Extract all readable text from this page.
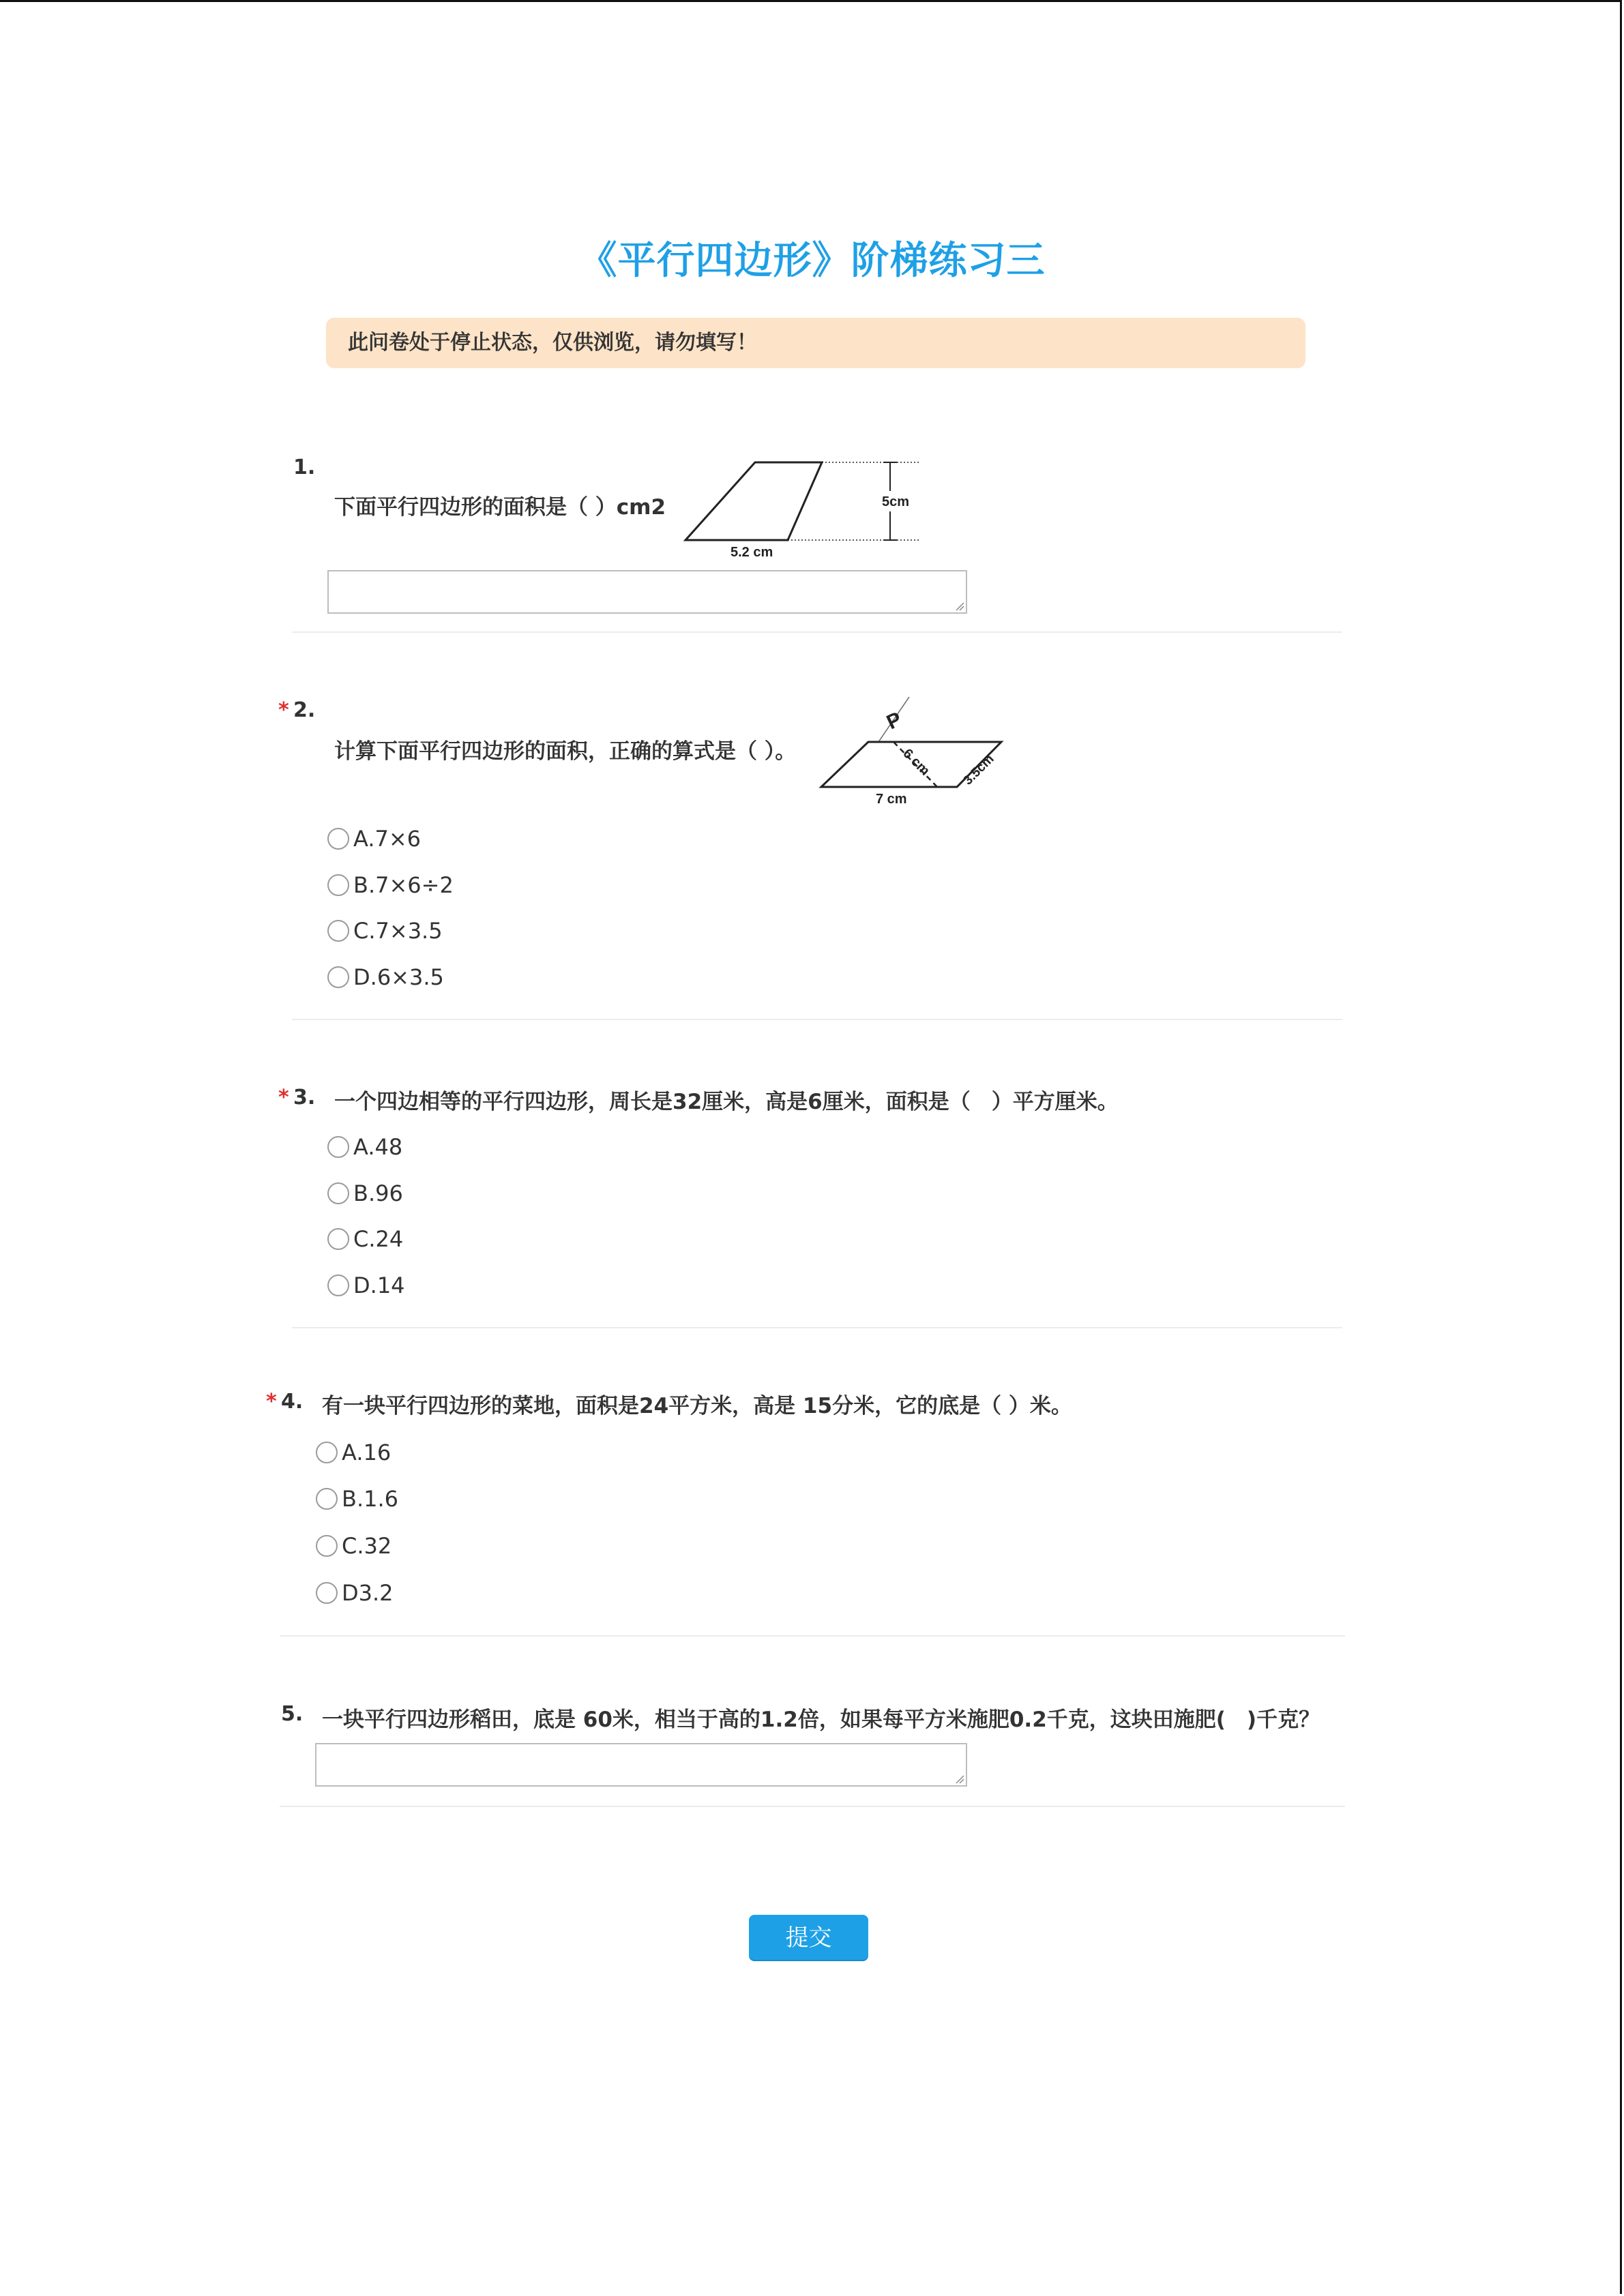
《平行四边形》阶梯练习三
此问卷处于停止状态，仅供浏览，请勿填写！
1.
下面平行四边形的面积是（ ）cm2	5cm
5.2 cm
* 2.
计算下面平行四边形的面积，正确的算式是（ ）。
P
6 cm 3.5cm
7 cm
A.7×6
B.7×6÷2
C.7×3.5
D.6×3.5
* 3. 一个四边相等的平行四边形，周长是32厘米，高是6厘米，面积是（　）平方厘米。
A.48
B.96
C.24
D.14
* 4. 有一块平行四边形的菜地，面积是24平方米，高是 15分米，它的底是（ ）米。
A.16
B.1.6
C.32
D3.2
5. 一块平行四边形稻田，底是 60米，相当于高的1.2倍，如果每平方米施肥0.2千克，这块田施肥(　)千克？
提交
